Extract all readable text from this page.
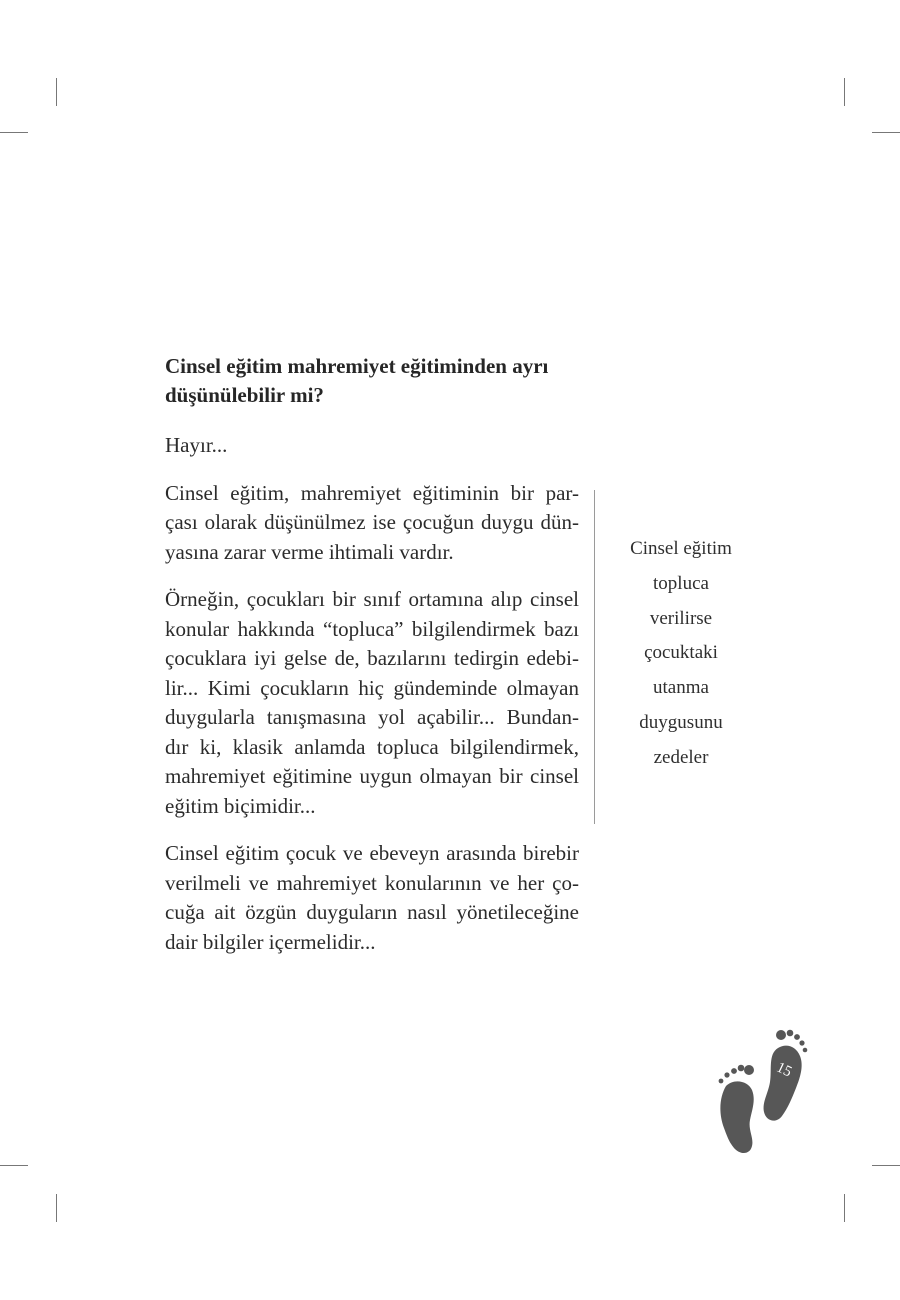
Cinsel eğitim mahremiyet eğitiminden ayrı
düşünülebilir mi?

Hayır...

Cinsel eğitim, mahremiyet eğitiminin bir par-
çası olarak düşünülmez ise çocuğun duygu dün-
yasına zarar verme ihtimali vardır.

Örneğin, çocukları bir sınıf ortamına alıp cinsel
konular hakkında “topluca” bilgilendirmek bazı
çocuklara iyi gelse de, bazılarını tedirgin edebi-
lir... Kimi çocukların hiç gündeminde olmayan
duygularla tanışmasına yol açabilir... Bundan-
dır ki, klasik anlamda topluca bilgilendirmek,
mahremiyet eğitimine uygun olmayan bir cinsel
eğitim biçimidir...

Cinsel eğitim çocuk ve ebeveyn arasında birebir
verilmeli ve mahremiyet konularının ve her ço-
cuğa ait özgün duyguların nasıl yönetileceğine
dair bilgiler içermelidir...

Cinsel eğitim
topluca
verilirse
çocuktaki
utanma
duygusunu
zedeler
15
